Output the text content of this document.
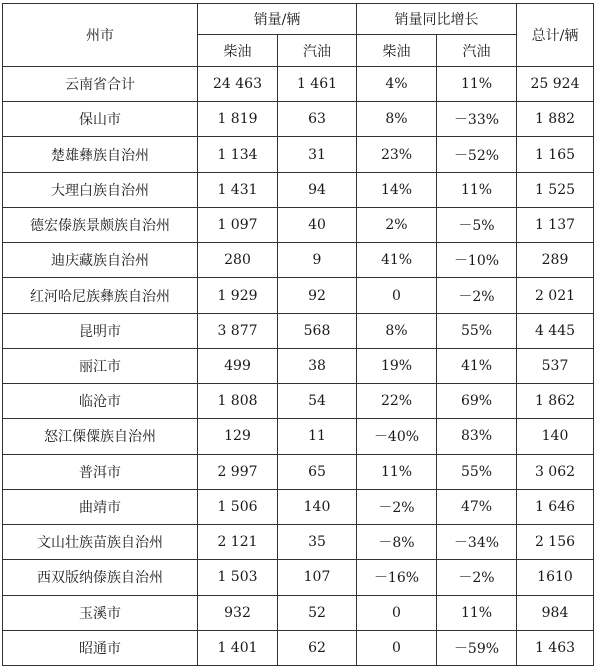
州市	销量/辆		销量同比增长		总计/辆
	柴油	汽油	柴油	汽油	
云南省合计	24 463	1 461	4%	11%	25 924
保山市	1 819	63	8%	－33%	1 882
楚雄彝族自治州	1 134	31	23%	－52%	1 165
大理白族自治州	1 431	94	14%	11%	1 525
德宏傣族景颇族自治州	1 097	40	2%	－5%	1 137
迪庆藏族自治州	280	9	41%	－10%	289
红河哈尼族彝族自治州	1 929	92	0	－2%	2 021
昆明市	3 877	568	8%	55%	4 445
丽江市	499	38	19%	41%	537
临沧市	1 808	54	22%	69%	1 862
怒江傈僳族自治州	129	11	－40%	83%	140
普洱市	2 997	65	11%	55%	3 062
曲靖市	1 506	140	－2%	47%	1 646
文山壮族苗族自治州	2 121	35	－8%	－34%	2 156
西双版纳傣族自治州	1 503	107	－16%	－2%	1610
玉溪市	932	52	0	11%	984
昭通市	1 401	62	0	－59%	1 463
